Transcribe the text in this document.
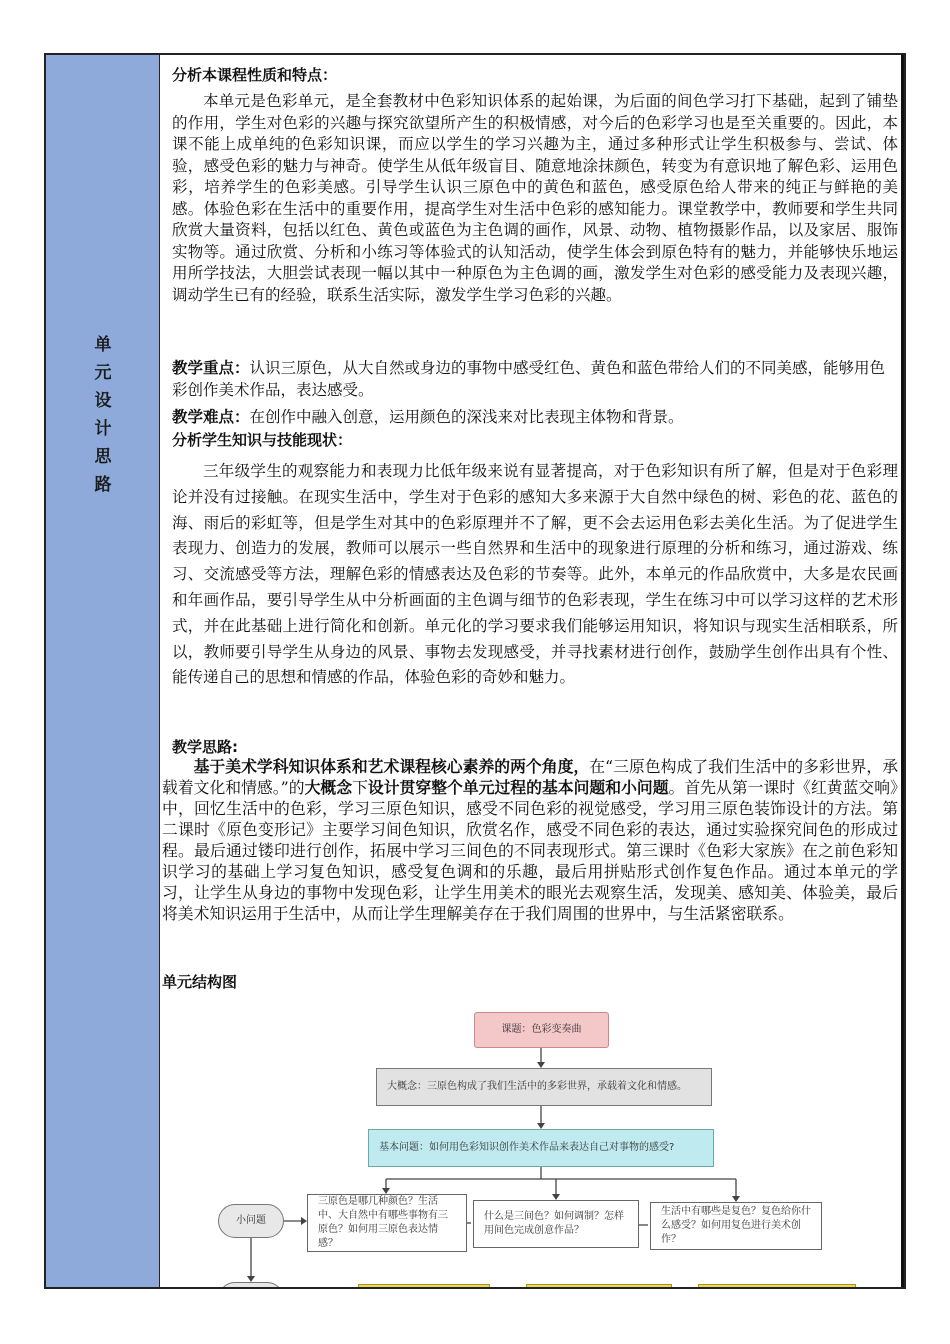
单
元
设
计
思
路
分析本课程性质和特点：
本单元是色彩单元，是全套教材中色彩知识体系的起始课，为后面的间色学习打下基础，起到了铺垫的作用，学生对色彩的兴趣与探究欲望所产生的积极情感，对今后的色彩学习也是至关重要的。因此，本课不能上成单纯的色彩知识课，而应以学生的学习兴趣为主，通过多种形式让学生积极参与、尝试、体验，感受色彩的魅力与神奇。使学生从低年级盲目、随意地涂抹颜色，转变为有意识地了解色彩、运用色彩，培养学生的色彩美感。引导学生认识三原色中的黄色和蓝色，感受原色给人带来的纯正与鲜艳的美感。体验色彩在生活中的重要作用，提高学生对生活中色彩的感知能力。课堂教学中，教师要和学生共同欣赏大量资料，包括以红色、黄色或蓝色为主色调的画作，风景、动物、植物摄影作品，以及家居、服饰实物等。通过欣赏、分析和小练习等体验式的认知活动，使学生体会到原色特有的魅力，并能够快乐地运用所学技法，大胆尝试表现一幅以其中一种原色为主色调的画，激发学生对色彩的感受能力及表现兴趣，调动学生已有的经验，联系生活实际，激发学生学习色彩的兴趣。
教学重点：认识三原色，从大自然或身边的事物中感受红色、黄色和蓝色带给人们的不同美感，能够用色彩创作美术作品，表达感受。
教学难点：在创作中融入创意，运用颜色的深浅来对比表现主体物和背景。
分析学生知识与技能现状：
三年级学生的观察能力和表现力比低年级来说有显著提高，对于色彩知识有所了解，但是对于色彩理论并没有过接触。在现实生活中，学生对于色彩的感知大多来源于大自然中绿色的树、彩色的花、蓝色的海、雨后的彩虹等，但是学生对其中的色彩原理并不了解，更不会去运用色彩去美化生活。为了促进学生表现力、创造力的发展，教师可以展示一些自然界和生活中的现象进行原理的分析和练习，通过游戏、练习、交流感受等方法，理解色彩的情感表达及色彩的节奏等。此外，本单元的作品欣赏中，大多是农民画和年画作品，要引导学生从中分析画面的主色调与细节的色彩表现，学生在练习中可以学习这样的艺术形式，并在此基础上进行简化和创新。单元化的学习要求我们能够运用知识，将知识与现实生活相联系，所以，教师要引导学生从身边的风景、事物去发现感受，并寻找素材进行创作，鼓励学生创作出具有个性、能传递自己的思想和情感的作品，体验色彩的奇妙和魅力。
教学思路:
基于美术学科知识体系和艺术课程核心素养的两个角度，在“三原色构成了我们生活中的多彩世界，承载着文化和情感。”的大概念下设计贯穿整个单元过程的基本问题和小问题。首先从第一课时《红黄蓝交响》中，回忆生活中的色彩，学习三原色知识，感受不同色彩的视觉感受，学习用三原色装饰设计的方法。第二课时《原色变形记》主要学习间色知识，欣赏名作，感受不同色彩的表达，通过实验探究间色的形成过程。最后通过镂印进行创作，拓展中学习三间色的不同表现形式。第三课时《色彩大家族》在之前色彩知识学习的基础上学习复色知识，感受复色调和的乐趣，最后用拼贴形式创作复色作品。通过本单元的学习，让学生从身边的事物中发现色彩，让学生用美术的眼光去观察生活，发现美、感知美、体验美，最后将美术知识运用于生活中，从而让学生理解美存在于我们周围的世界中，与生活紧密联系。
单元结构图
课题：色彩变奏曲
大概念：三原色构成了我们生活中的多彩世界，承载着文化和情感。
基本问题：如何用色彩知识创作美术作品来表达自己对事物的感受?
小问题
三原色是哪几种颜色？生活中、大自然中有哪些事物有三原色？如何用三原色表达情感？
什么是三间色？如何调制？怎样用间色完成创意作品？
生活中有哪些是复色？复色给你什么感受？如何用复色进行美术创作？
